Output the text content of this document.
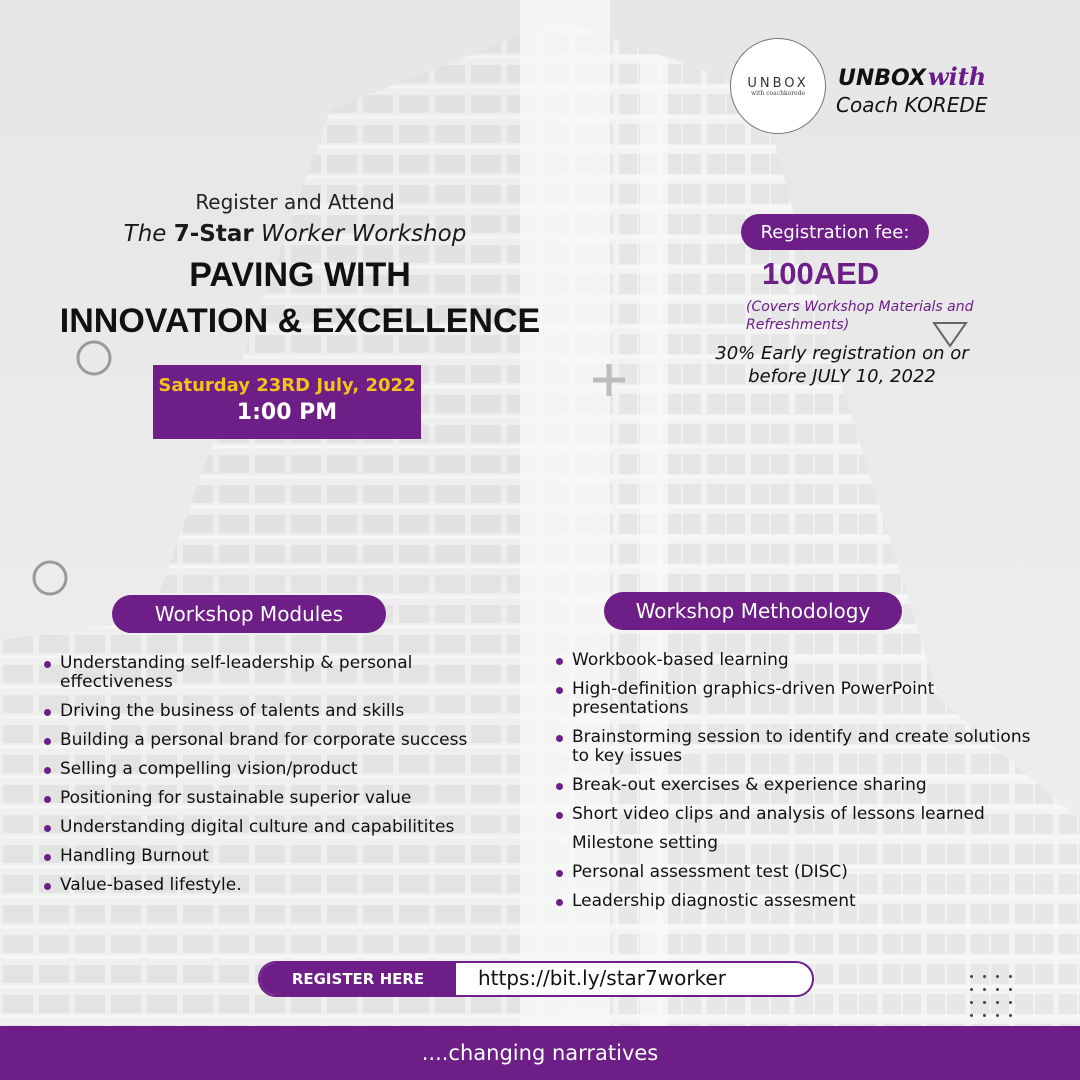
UNBOX
with coachkorede
UNBOXwith
Coach KOREDE
Register and Attend
The 7-Star Worker Workshop
PAVING WITH
INNOVATION & EXCELLENCE
Saturday 23RD July, 2022
1:00 PM
Registration fee:
100AED
(Covers Workshop Materials and Refreshments)
30% Early registration on or
before JULY 10, 2022
Workshop Modules
Understanding self-leadership & personal effectiveness
Driving the business of talents and skills
Building a personal brand for corporate success
Selling a compelling vision/product
Positioning for sustainable superior value
Understanding digital culture and capabilitites
Handling Burnout
Value-based lifestyle.
Workshop Methodology
Workbook-based learning
High-definition graphics-driven PowerPoint presentations
Brainstorming session to identify and create solutions to key issues
Break-out exercises & experience sharing
Short video clips and analysis of lessons learned
Milestone setting
Personal assessment test (DISC)
Leadership diagnostic assesment
REGISTER HERE	https://bit.ly/star7worker
....changing narratives
